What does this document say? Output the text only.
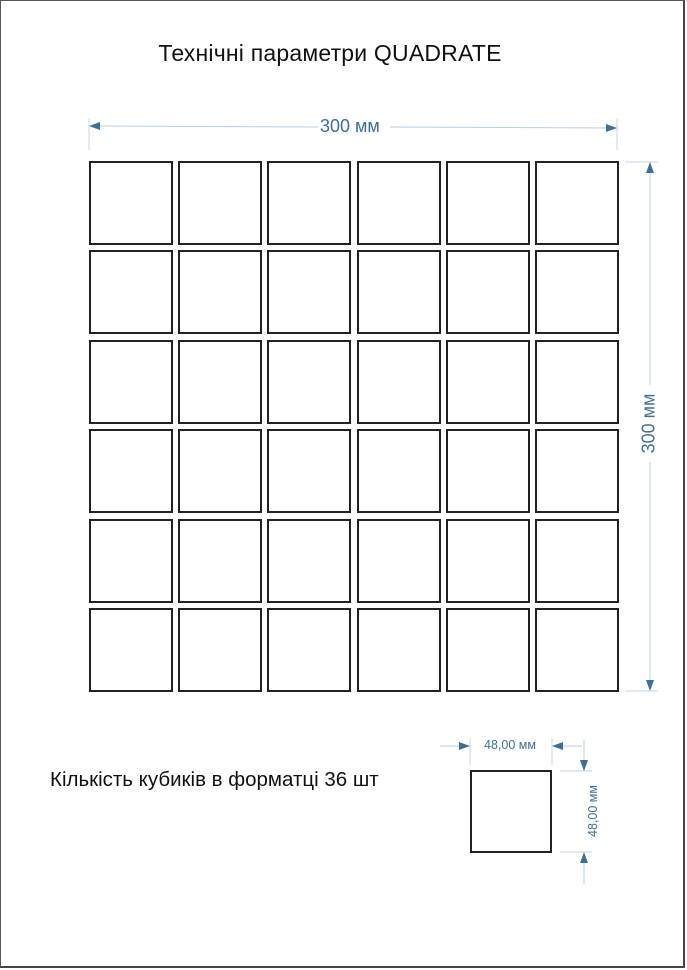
Технічні параметри QUADRATE
300 мм
300 мм
Кількість кубиків в форматці 36 шт
48,00 мм
48,00 мм
